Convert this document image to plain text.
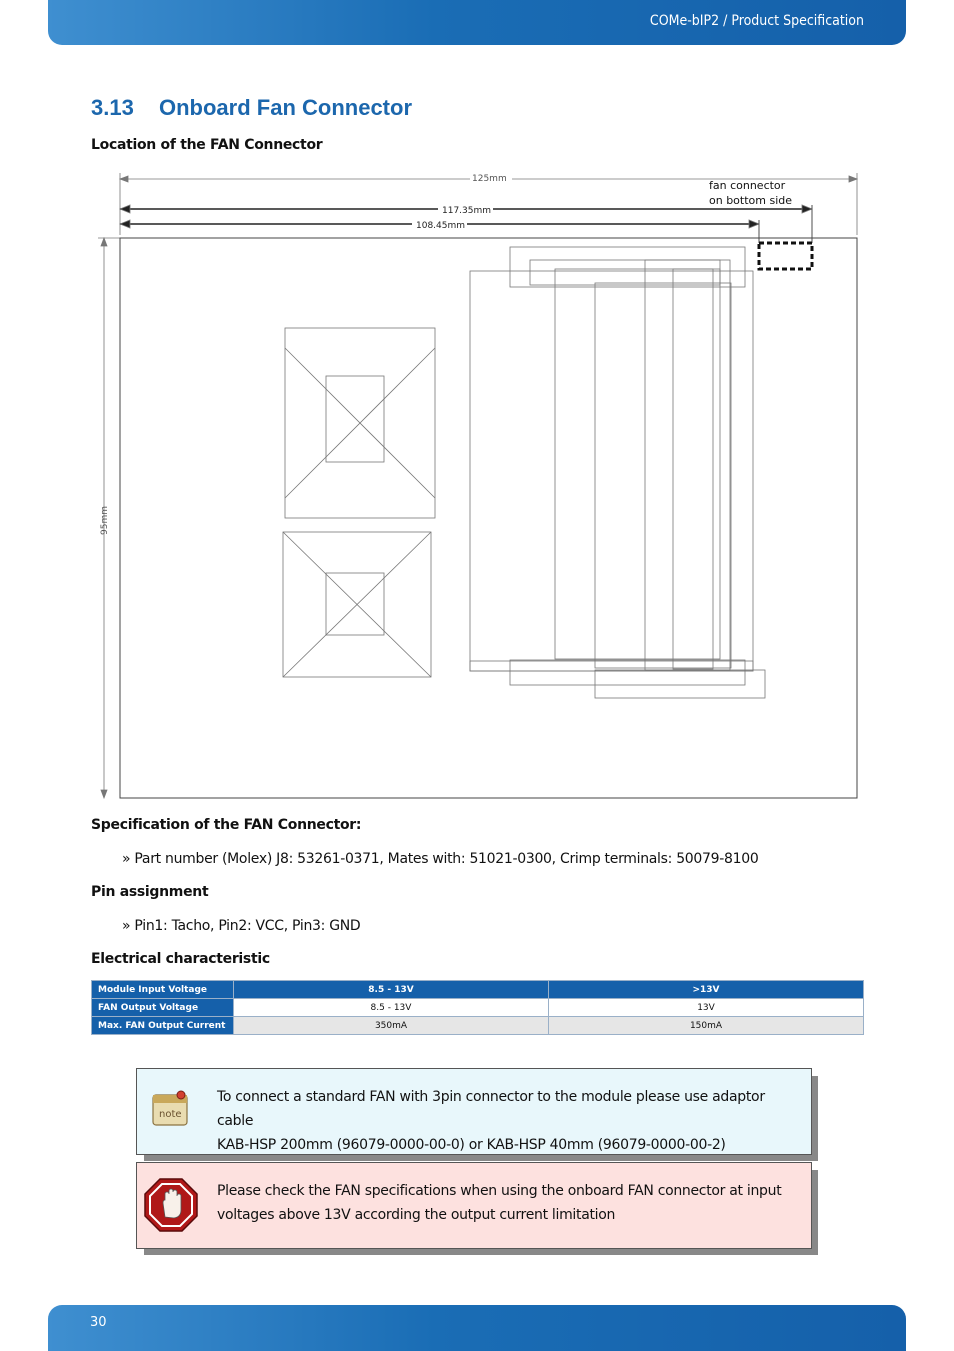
COMe-bIP2 / Product Specification
3.13 Onboard Fan Connector
Location of the FAN Connector
125mm
117.35mm
108.45mm
95mm
fan connector
on bottom side
Specification of the FAN Connector:
» Part number (Molex) J8: 53261-0371, Mates with: 51021-0300, Crimp terminals: 50079-8100
Pin assignment
» Pin1: Tacho, Pin2: VCC, Pin3: GND
Electrical characteristic
Module Input Voltage	8.5 - 13V	>13V
FAN Output Voltage	8.5 - 13V	13V
Max. FAN Output Current	350mA	150mA
note
To connect a standard FAN with 3pin connector to the module please use adaptor cable
KAB-HSP 200mm (96079-0000-00-0) or KAB-HSP 40mm (96079-0000-00-2)
Please check the FAN specifications when using the onboard FAN connector at input
voltages above 13V according the output current limitation
30
